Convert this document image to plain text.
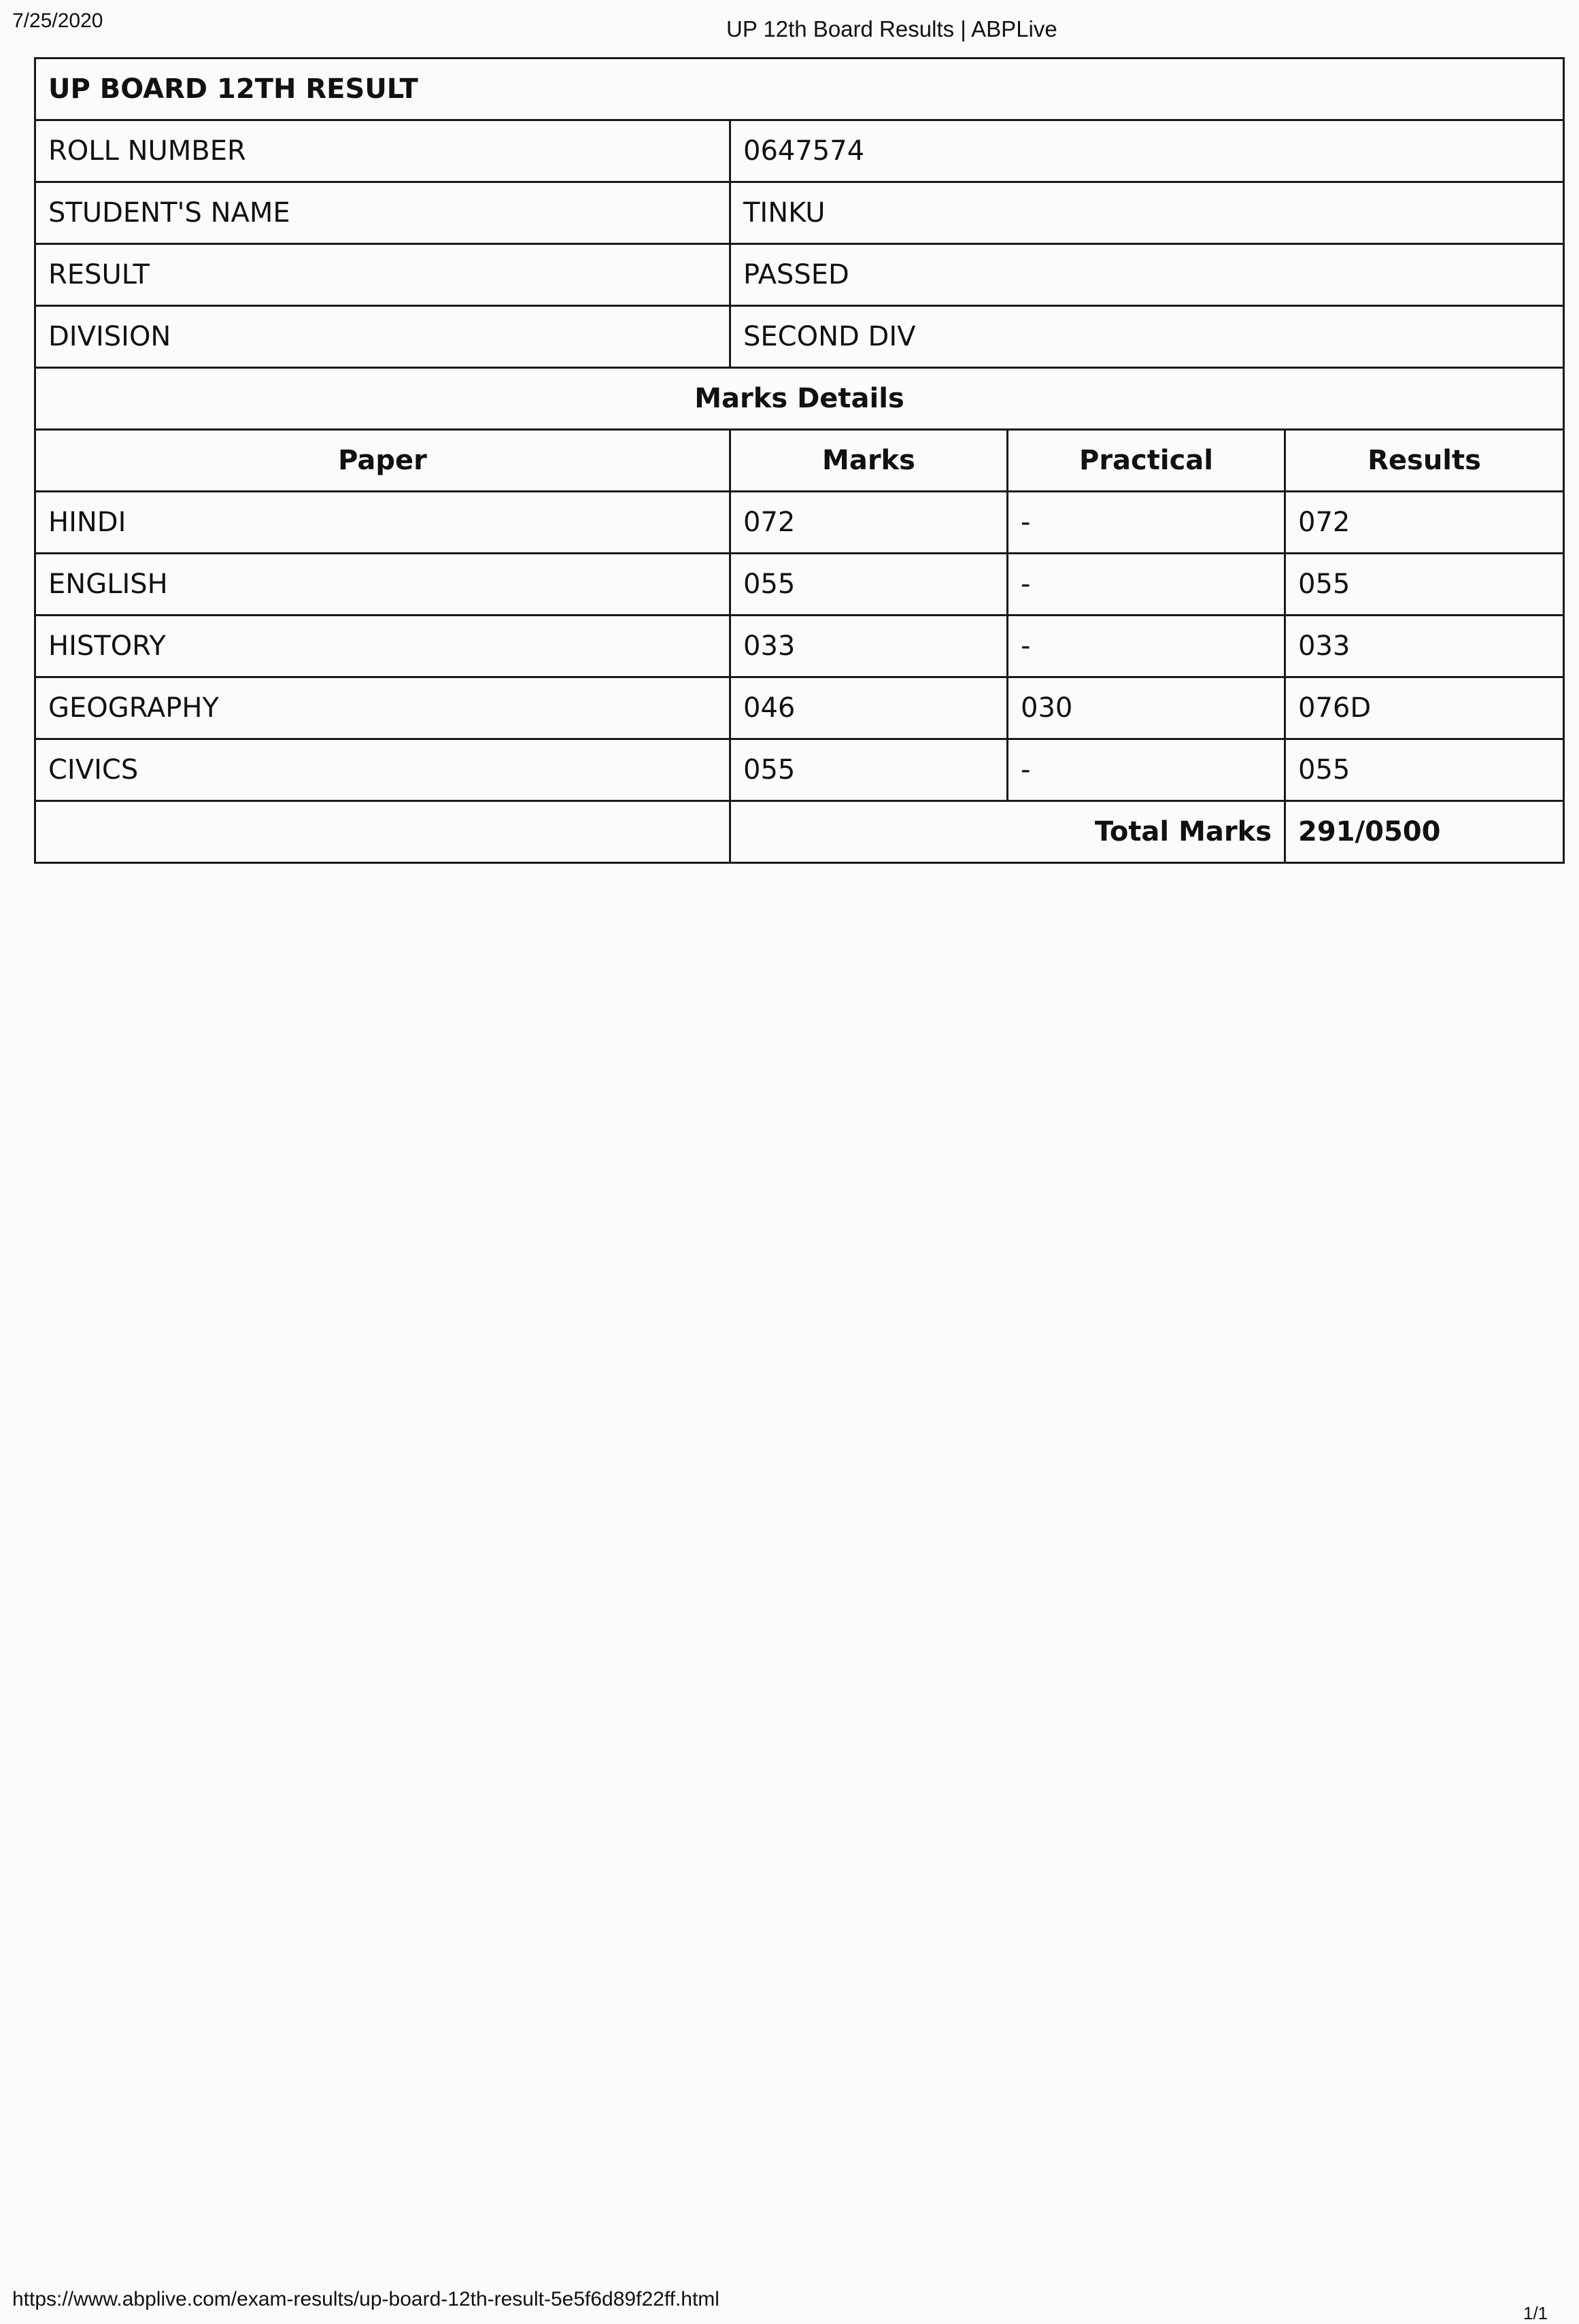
7/25/2020	UP 12th Board Results | ABPLive
UP BOARD 12TH RESULT			
ROLL NUMBER	0647574		
STUDENT'S NAME	TINKU		
RESULT	PASSED		
DIVISION	SECOND DIV		
Marks Details			
Paper	Marks	Practical	Results
HINDI	072	-	072
ENGLISH	055	-	055
HISTORY	033	-	033
GEOGRAPHY	046	030	076D
CIVICS	055	-	055
	Total Marks		291/0500
https://www.abplive.com/exam-results/up-board-12th-result-5e5f6d89f22ff.html
1/1
